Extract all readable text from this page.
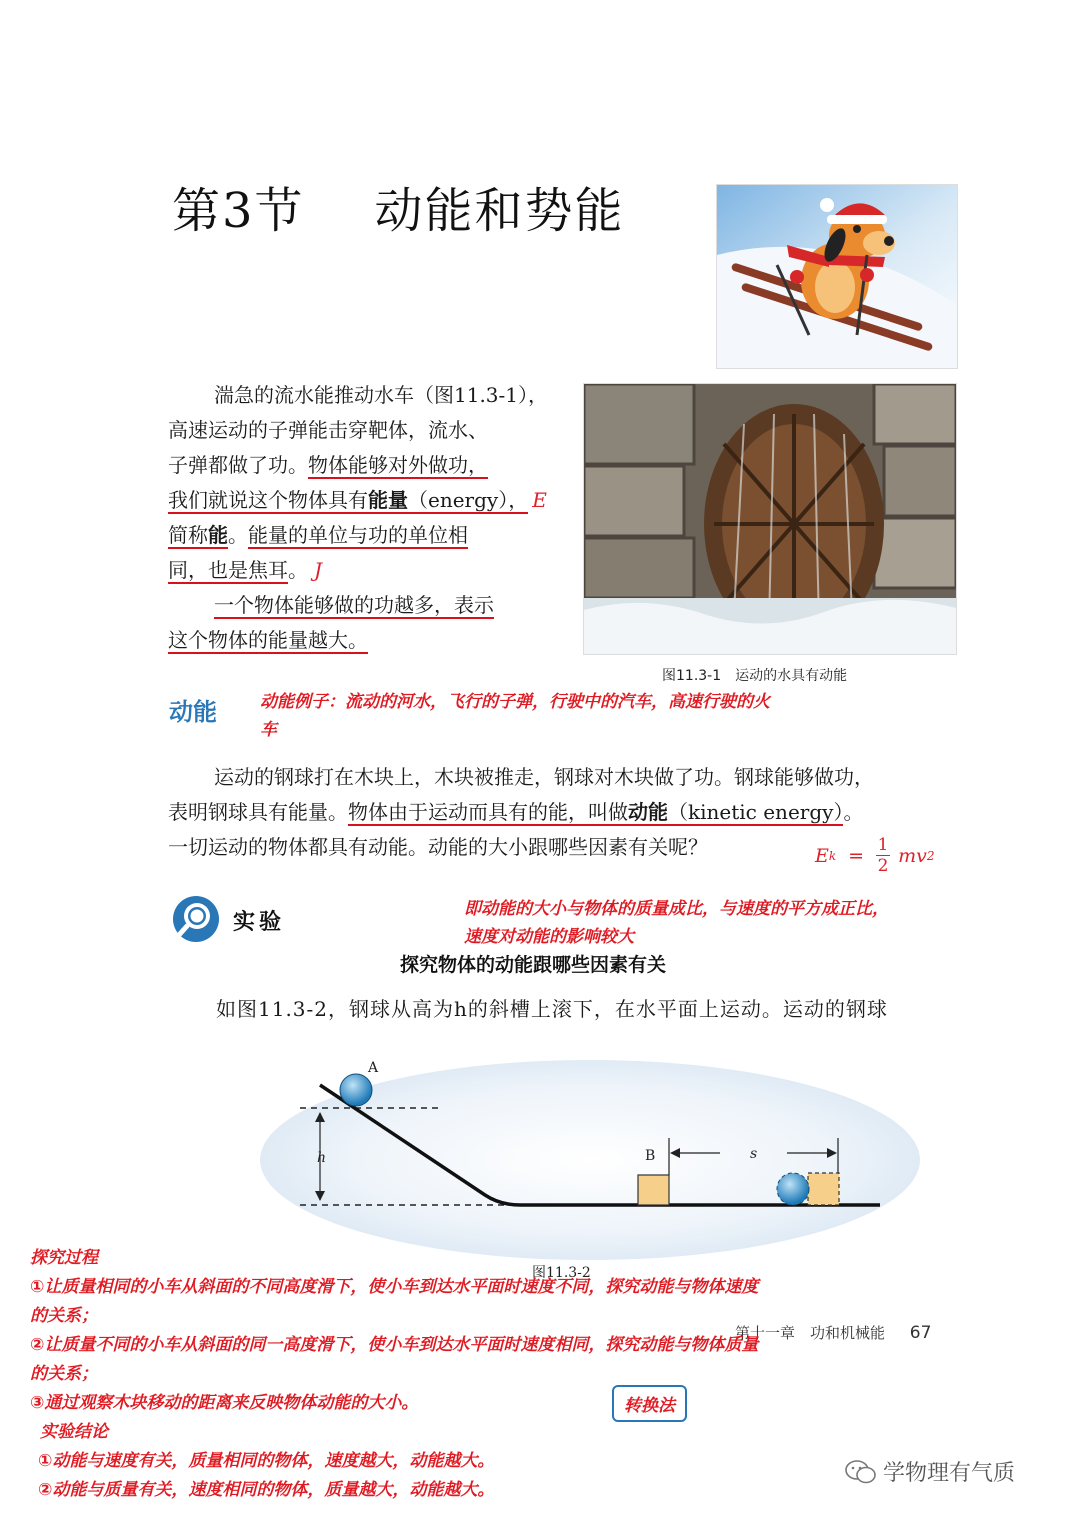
第3节 动能和势能
湍急的流水能推动水车（图11.3-1），
高速运动的子弹能击穿靶体，流水、
子弹都做了功。物体能够对外做功，
我们就说这个物体具有能量（energy）， E
简称能。能量的单位与功的单位相
同，也是焦耳。 J
一个物体能够做的功越多，表示
这个物体的能量越大。
图11.3-1　运动的水具有动能
动能	动能例子：流动的河水，飞行的子弹，行驶中的汽车，高速行驶的火
车
运动的钢球打在木块上，木块被推走，钢球对木块做了功。钢球能够做功，
表明钢球具有能量。物体由于运动而具有的能，叫做动能（kinetic energy）。
一切运动的物体都具有动能。动能的大小跟哪些因素有关呢？	E k = 1
2 mv 2
实验
即动能的大小与物体的质量成比，与速度的平方成正比，
速度对动能的影响较大
探究物体的动能跟哪些因素有关
如图11.3-2，钢球从高为h的斜槽上滚下，在水平面上运动。运动的钢球
h
A
B	s
图11.3-2
第十一章　功和机械能 67
探究过程
①让质量相同的小车从斜面的不同高度滑下，使小车到达水平面时速度不同，探究动能与物体速度
的关系；
②让质量不同的小车从斜面的同一高度滑下，使小车到达水平面时速度相同，探究动能与物体质量
的关系；
③通过观察木块移动的距离来反映物体动能的大小。
实验结论
①动能与速度有关，质量相同的物体，速度越大，动能越大。
②动能与质量有关，速度相同的物体，质量越大，动能越大。
转换法
学物理有气质
